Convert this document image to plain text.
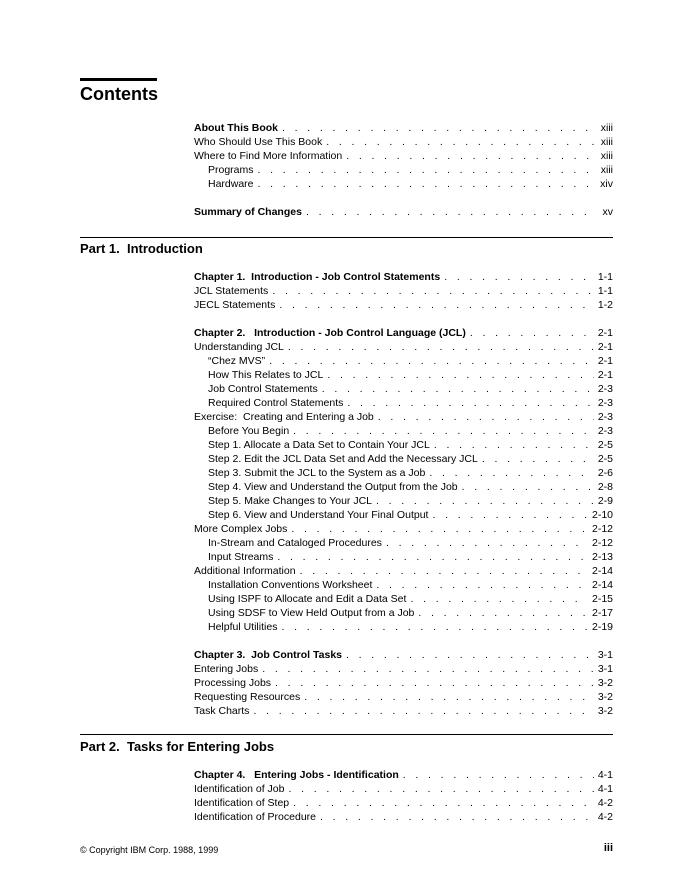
Contents
About This Book . . .	xiii
Who Should Use This Book . . .	xiii
Where to Find More Information . . .	xiii
Programs . . .	xiii
Hardware . . .	xiv
Summary of Changes . . .	xv
Part 1.  Introduction
Chapter 1.  Introduction - Job Control Statements . . .	1-1
JCL Statements . . .	1-1
JECL Statements . . .	1-2
Chapter 2.   Introduction - Job Control Language (JCL) . . .	2-1
Understanding JCL . . .	2-1
“Chez MVS” . . .	2-1
How This Relates to JCL . . .	2-1
Job Control Statements . . .	2-3
Required Control Statements . . .	2-3
Exercise:  Creating and Entering a Job . . .	2-3
Before You Begin . . .	2-3
Step 1. Allocate a Data Set to Contain Your JCL . . .	2-5
Step 2. Edit the JCL Data Set and Add the Necessary JCL . . .	2-5
Step 3. Submit the JCL to the System as a Job . . .	2-6
Step 4. View and Understand the Output from the Job . . .	2-8
Step 5. Make Changes to Your JCL . . .	2-9
Step 6. View and Understand Your Final Output . . .	2-10
More Complex Jobs . . .	2-12
In-Stream and Cataloged Procedures . . .	2-12
Input Streams . . .	2-13
Additional Information . . .	2-14
Installation Conventions Worksheet . . .	2-14
Using ISPF to Allocate and Edit a Data Set . . .	2-15
Using SDSF to View Held Output from a Job . . .	2-17
Helpful Utilities . . .	2-19
Chapter 3.  Job Control Tasks . . .	3-1
Entering Jobs . . .	3-1
Processing Jobs . . .	3-2
Requesting Resources . . .	3-2
Task Charts . . .	3-2
Part 2.  Tasks for Entering Jobs
Chapter 4.   Entering Jobs - Identification . . .	4-1
Identification of Job . . .	4-1
Identification of Step . . .	4-2
Identification of Procedure . . .	4-2
© Copyright IBM Corp. 1988, 1999	iii
